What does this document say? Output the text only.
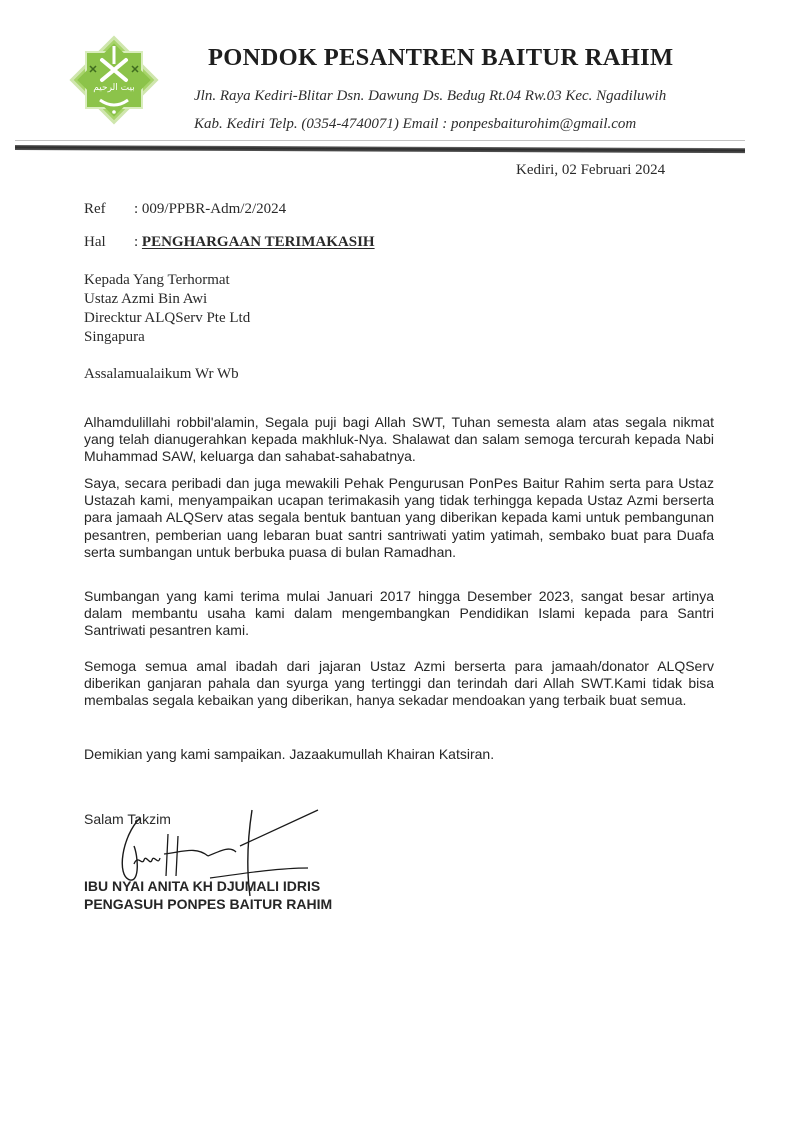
بيت الرحيم
PONDOK PESANTREN BAITUR RAHIM
Jln. Raya Kediri-Blitar Dsn. Dawung Ds. Bedug Rt.04 Rw.03 Kec. Ngadiluwih
Kab. Kediri Telp. (0354-4740071) Email : ponpesbaiturohim@gmail.com
Kediri, 02 Februari 2024
Ref : 009/PPBR-Adm/2/2024
Hal : PENGHARGAAN TERIMAKASIH
Kepada Yang Terhormat
Ustaz Azmi Bin Awi
Direcktur ALQServ Pte Ltd
Singapura
Assalamualaikum Wr Wb
Alhamdulillahi robbil'alamin, Segala puji bagi Allah SWT, Tuhan semesta alam atas segala nikmat yang telah dianugerahkan kepada makhluk-Nya. Shalawat dan salam semoga tercurah kepada Nabi Muhammad SAW, keluarga dan sahabat-sahabatnya.
Saya, secara peribadi dan juga mewakili Pehak Pengurusan PonPes Baitur Rahim serta para Ustaz Ustazah kami, menyampaikan ucapan terimakasih yang tidak terhingga kepada Ustaz Azmi berserta para jamaah ALQServ atas segala bentuk bantuan yang diberikan kepada kami untuk pembangunan pesantren, pemberian uang lebaran buat santri santriwati yatim yatimah, sembako buat para Duafa serta sumbangan untuk berbuka puasa di bulan Ramadhan.
Sumbangan yang kami terima mulai Januari 2017 hingga Desember 2023, sangat besar artinya dalam membantu usaha kami dalam mengembangkan Pendidikan Islami kepada para Santri Santriwati pesantren kami.
Semoga semua amal ibadah dari jajaran Ustaz Azmi berserta para jamaah/donator ALQServ diberikan ganjaran pahala dan syurga yang tertinggi dan terindah dari Allah SWT.Kami tidak bisa membalas segala kebaikan yang diberikan, hanya sekadar mendoakan yang terbaik buat semua.
Demikian yang kami sampaikan. Jazaakumullah Khairan Katsiran.
Salam Takzim
IBU NYAI ANITA KH DJUMALI IDRIS
PENGASUH PONPES BAITUR RAHIM
